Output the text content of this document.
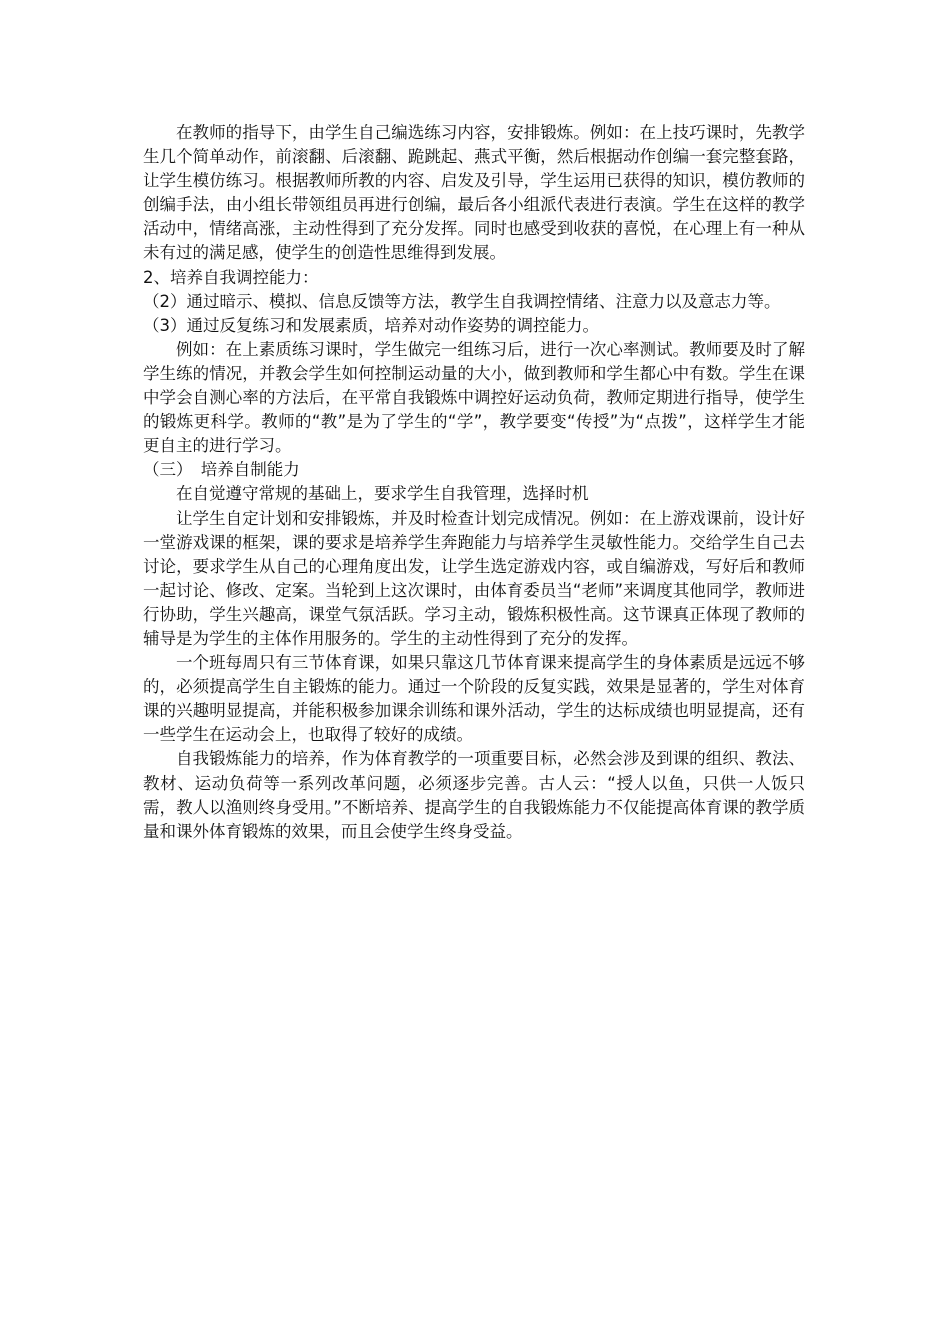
在教师的指导下，由学生自己编选练习内容，安排锻炼。例如：在上技巧课时，先教学生几个简单动作，前滚翻、后滚翻、跪跳起、燕式平衡，然后根据动作创编一套完整套路，让学生模仿练习。根据教师所教的内容、启发及引导，学生运用已获得的知识，模仿教师的创编手法，由小组长带领组员再进行创编，最后各小组派代表进行表演。学生在这样的教学活动中，情绪高涨，主动性得到了充分发挥。同时也感受到收获的喜悦，在心理上有一种从未有过的满足感，使学生的创造性思维得到发展。

2、培养自我调控能力：

（2）通过暗示、模拟、信息反馈等方法，教学生自我调控情绪、注意力以及意志力等。

（3）通过反复练习和发展素质，培养对动作姿势的调控能力。

例如：在上素质练习课时，学生做完一组练习后，进行一次心率测试。教师要及时了解学生练的情况，并教会学生如何控制运动量的大小，做到教师和学生都心中有数。学生在课中学会自测心率的方法后，在平常自我锻炼中调控好运动负荷，教师定期进行指导，使学生的锻炼更科学。教师的“教”是为了学生的“学”，教学要变“传授”为“点拨”，这样学生才能更自主的进行学习。

（三）　培养自制能力

在自觉遵守常规的基础上，要求学生自我管理，选择时机

让学生自定计划和安排锻炼，并及时检查计划完成情况。例如：在上游戏课前，设计好一堂游戏课的框架，课的要求是培养学生奔跑能力与培养学生灵敏性能力。交给学生自己去讨论，要求学生从自己的心理角度出发，让学生选定游戏内容，或自编游戏，写好后和教师一起讨论、修改、定案。当轮到上这次课时，由体育委员当“老师”来调度其他同学，教师进行协助，学生兴趣高，课堂气氛活跃。学习主动，锻炼积极性高。这节课真正体现了教师的辅导是为学生的主体作用服务的。学生的主动性得到了充分的发挥。

一个班每周只有三节体育课，如果只靠这几节体育课来提高学生的身体素质是远远不够的，必须提高学生自主锻炼的能力。通过一个阶段的反复实践，效果是显著的，学生对体育课的兴趣明显提高，并能积极参加课余训练和课外活动，学生的达标成绩也明显提高，还有一些学生在运动会上，也取得了较好的成绩。

自我锻炼能力的培养，作为体育教学的一项重要目标，必然会涉及到课的组织、教法、教材、运动负荷等一系列改革问题，必须逐步完善。古人云：“授人以鱼，只供一人饭只需，教人以渔则终身受用。”不断培养、提高学生的自我锻炼能力不仅能提高体育课的教学质量和课外体育锻炼的效果，而且会使学生终身受益。
